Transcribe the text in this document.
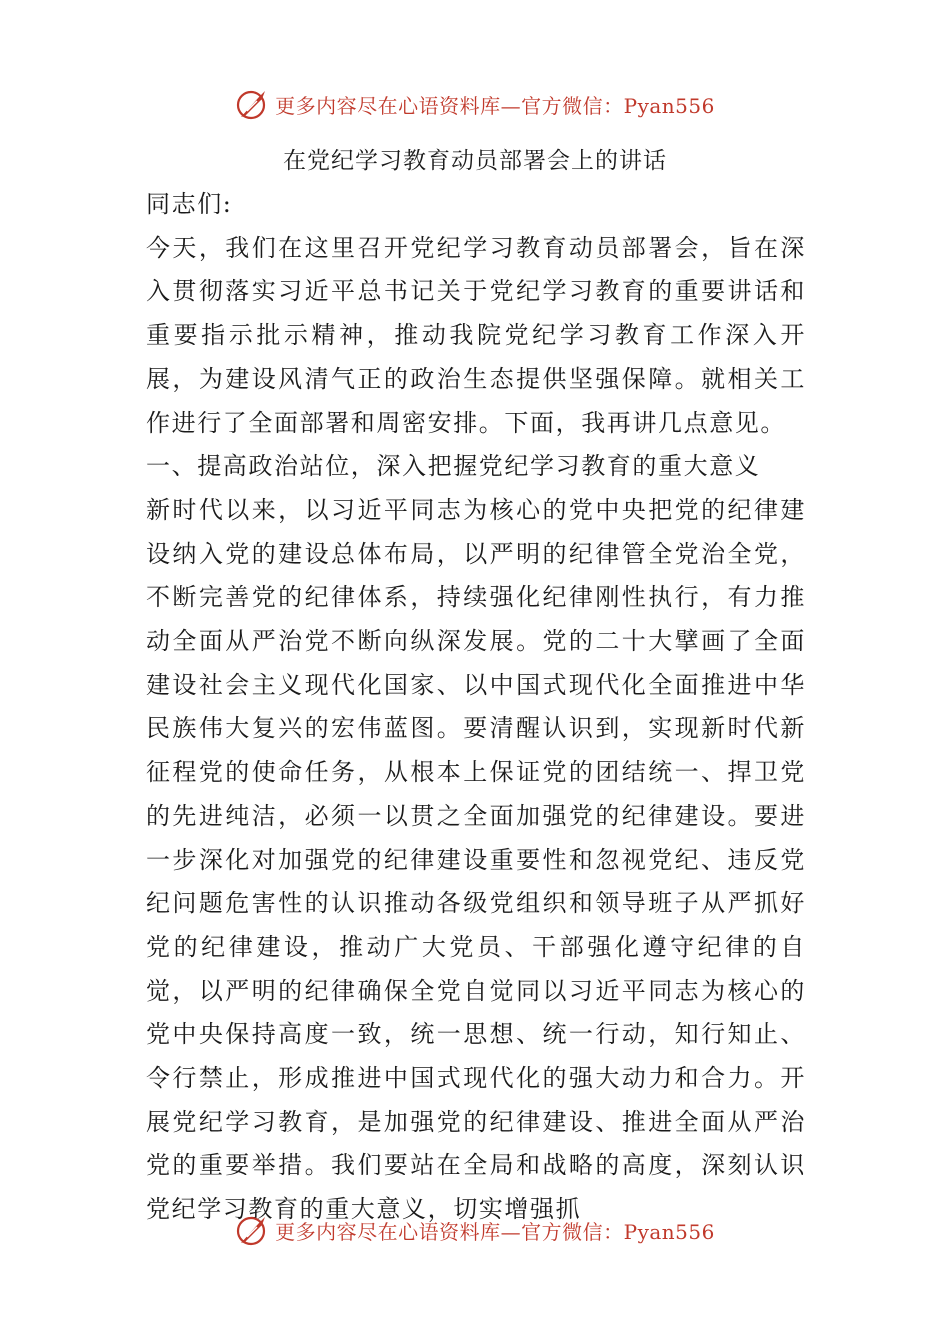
更多内容尽在心语资料库—官方微信：Pyan556
在党纪学习教育动员部署会上的讲话

同志们:

今天，我们在这里召开党纪学习教育动员部署会，旨在深入贯彻落实习近平总书记关于党纪学习教育的重要讲话和重要指示批示精神，推动我院党纪学习教育工作深入开展，为建设风清气正的政治生态提供坚强保障。就相关工作进行了全面部署和周密安排。下面，我再讲几点意见。

一、提高政治站位，深入把握党纪学习教育的重大意义

新时代以来，以习近平同志为核心的党中央把党的纪律建设纳入党的建设总体布局，以严明的纪律管全党治全党，不断完善党的纪律体系，持续强化纪律刚性执行，有力推动全面从严治党不断向纵深发展。党的二十大擘画了全面建设社会主义现代化国家、以中国式现代化全面推进中华民族伟大复兴的宏伟蓝图。要清醒认识到，实现新时代新征程党的使命任务，从根本上保证党的团结统一、捍卫党的先进纯洁，必须一以贯之全面加强党的纪律建设。要进一步深化对加强党的纪律建设重要性和忽视党纪、违反党纪问题危害性的认识推动各级党组织和领导班子从严抓好党的纪律建设，推动广大党员、干部强化遵守纪律的自觉，以严明的纪律确保全党自觉同以习近平同志为核心的党中央保持高度一致，统一思想、统一行动，知行知止、令行禁止，形成推进中国式现代化的强大动力和合力。开展党纪学习教育，是加强党的纪律建设、推进全面从严治党的重要举措。我们要站在全局和战略的高度，深刻认识党纪学习教育的重大意义，切实增强抓

更多内容尽在心语资料库—官方微信：Pyan556
